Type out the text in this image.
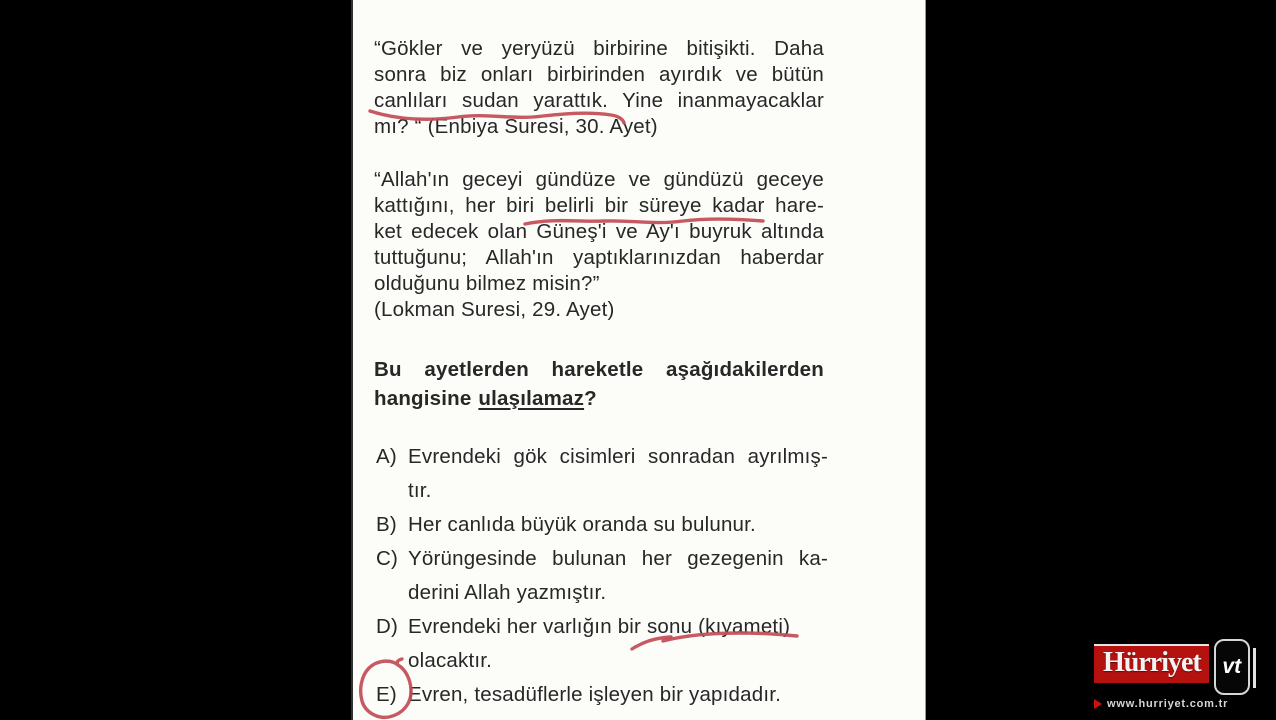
“Gökler ve yeryüzü birbirine bitişikti. Daha
sonra biz onları birbirinden ayırdık ve bütün
canlıları sudan yarattık. Yine inanmayacaklar
mı? “ (Enbiya Suresi, 30. Ayet)
“Allah'ın geceyi gündüze ve gündüzü geceye
kattığını, her biri belirli bir süreye kadar hare-
ket edecek olan Güneş'i ve Ay'ı buyruk altında
tuttuğunu; Allah'ın yaptıklarınızdan haberdar
olduğunu bilmez misin?”
(Lokman Suresi, 29. Ayet)
Bu ayetlerden hareketle aşağıdakilerden
hangisine ulaşılamaz?
A) Evrendeki gök cisimleri sonradan ayrılmış-
tır.
B) Her canlıda büyük oranda su bulunur.
C) Yörüngesinde bulunan her gezegenin ka-
derini Allah yazmıştır.
D) Evrendeki her varlığın bir sonu (kıyameti)
olacaktır.
E) Evren, tesadüflerle işleyen bir yapıdadır.
Hürriyet	vt
www.hurriyet.com.tr
